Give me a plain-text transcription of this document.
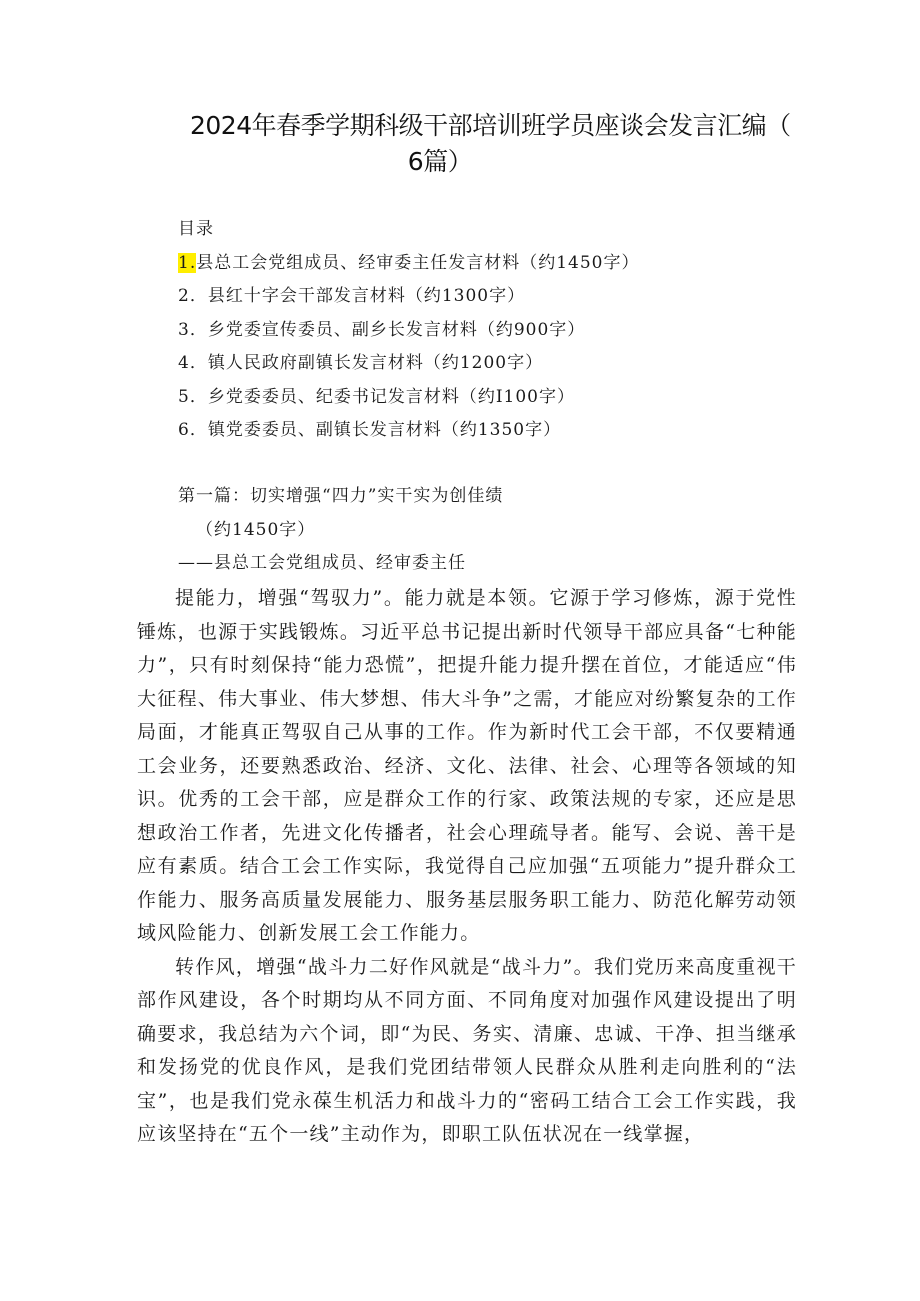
2024年春季学期科级干部培训班学员座谈会发言汇编（
6篇）
目录
1.县总工会党组成员、经审委主任发言材料（约1450字）
2．县红十字会干部发言材料（约1300字）
3．乡党委宣传委员、副乡长发言材料（约900字）
4．镇人民政府副镇长发言材料（约1200字）
5．乡党委委员、纪委书记发言材料（约I100字）
6．镇党委委员、副镇长发言材料（约1350字）
第一篇：切实增强“四力”实干实为创佳绩
（约1450字）
——县总工会党组成员、经审委主任

提能力，增强“驾驭力”。能力就是本领。它源于学习修炼，源于党性锤炼，也源于实践锻炼。习近平总书记提出新时代领导干部应具备“七种能力”，只有时刻保持“能力恐慌”，把提升能力提升摆在首位，才能适应“伟大征程、伟大事业、伟大梦想、伟大斗争”之需，才能应对纷繁复杂的工作局面，才能真正驾驭自己从事的工作。作为新时代工会干部，不仅要精通工会业务，还要熟悉政治、经济、文化、法律、社会、心理等各领域的知识。优秀的工会干部，应是群众工作的行家、政策法规的专家，还应是思想政治工作者，先进文化传播者，社会心理疏导者。能写、会说、善干是应有素质。结合工会工作实际，我觉得自己应加强“五项能力”提升群众工作能力、服务高质量发展能力、服务基层服务职工能力、防范化解劳动领域风险能力、创新发展工会工作能力。

转作风，增强“战斗力二好作风就是“战斗力”。我们党历来高度重视干部作风建设，各个时期均从不同方面、不同角度对加强作风建设提出了明确要求，我总结为六个词，即“为民、务实、清廉、忠诚、干净、担当继承和发扬党的优良作风，是我们党团结带领人民群众从胜利走向胜利的“法宝”，也是我们党永葆生机活力和战斗力的“密码工结合工会工作实践，我应该坚持在“五个一线”主动作为，即职工队伍状况在一线掌握，
